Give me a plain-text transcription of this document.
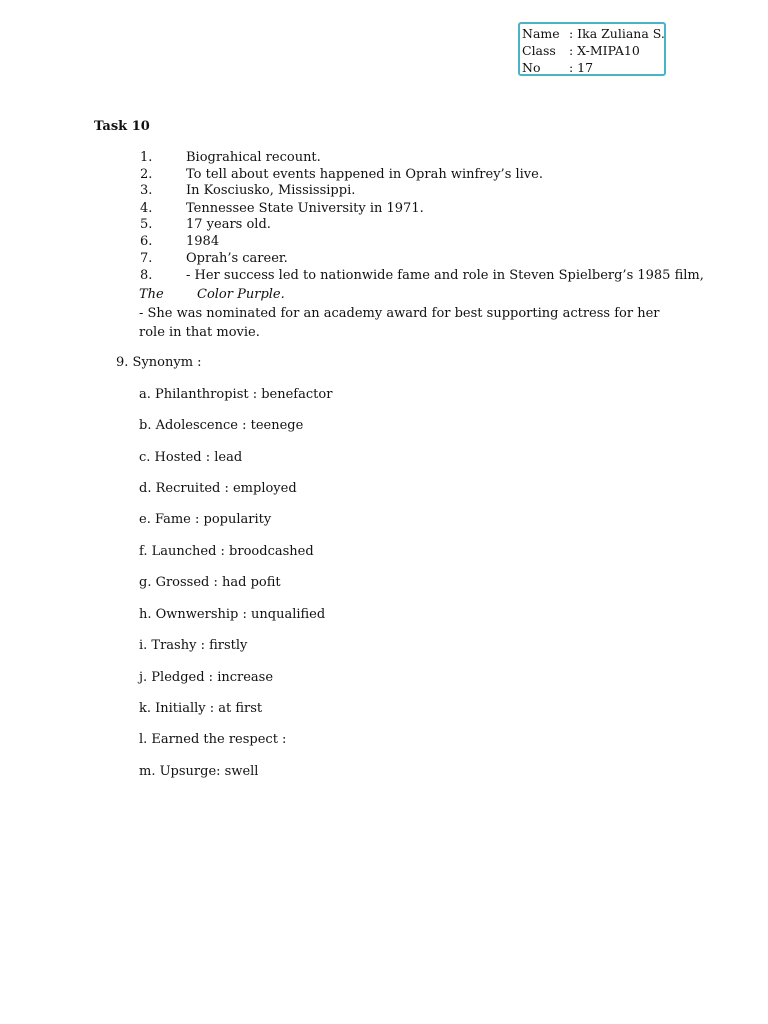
Name : Ika Zuliana S.
Class : X-MIPA10
No : 17
Task 10
1.	Biograhical recount.
2.	To tell about events happened in Oprah winfrey’s live.
3.	In Kosciusko, Mississippi.
4.	Tennessee State University in 1971.
5.	17 years old.
6.	1984
7.	Oprah’s career.
8.	- Her success led to nationwide fame and role in Steven Spielberg’s 1985 film,
The	Color Purple.
- She was nominated for an academy award for best supporting actress for her role in that movie.
9. Synonym :
a. Philanthropist : benefactor
b. Adolescence : teenege
c. Hosted : lead
d. Recruited : employed
e. Fame : popularity
f. Launched : broodcashed
g. Grossed : had pofit
h. Ownwership : unqualified
i. Trashy : firstly
j. Pledged : increase
k. Initially : at first
l. Earned the respect :
m. Upsurge: swell
